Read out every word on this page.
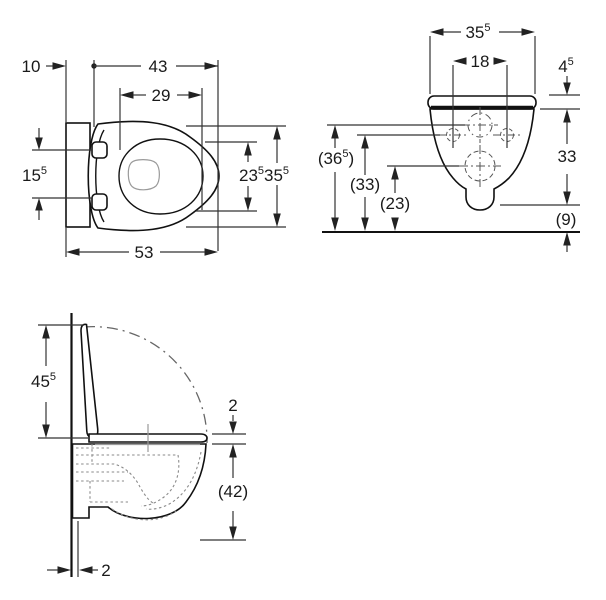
10	43
29
53
$15^5$	$23^5$ $35^5$
$35^5$
18	$4^5$
33
(9)
$(36^5)$
(33)
(23)
$45^5$
2
(42)
2
